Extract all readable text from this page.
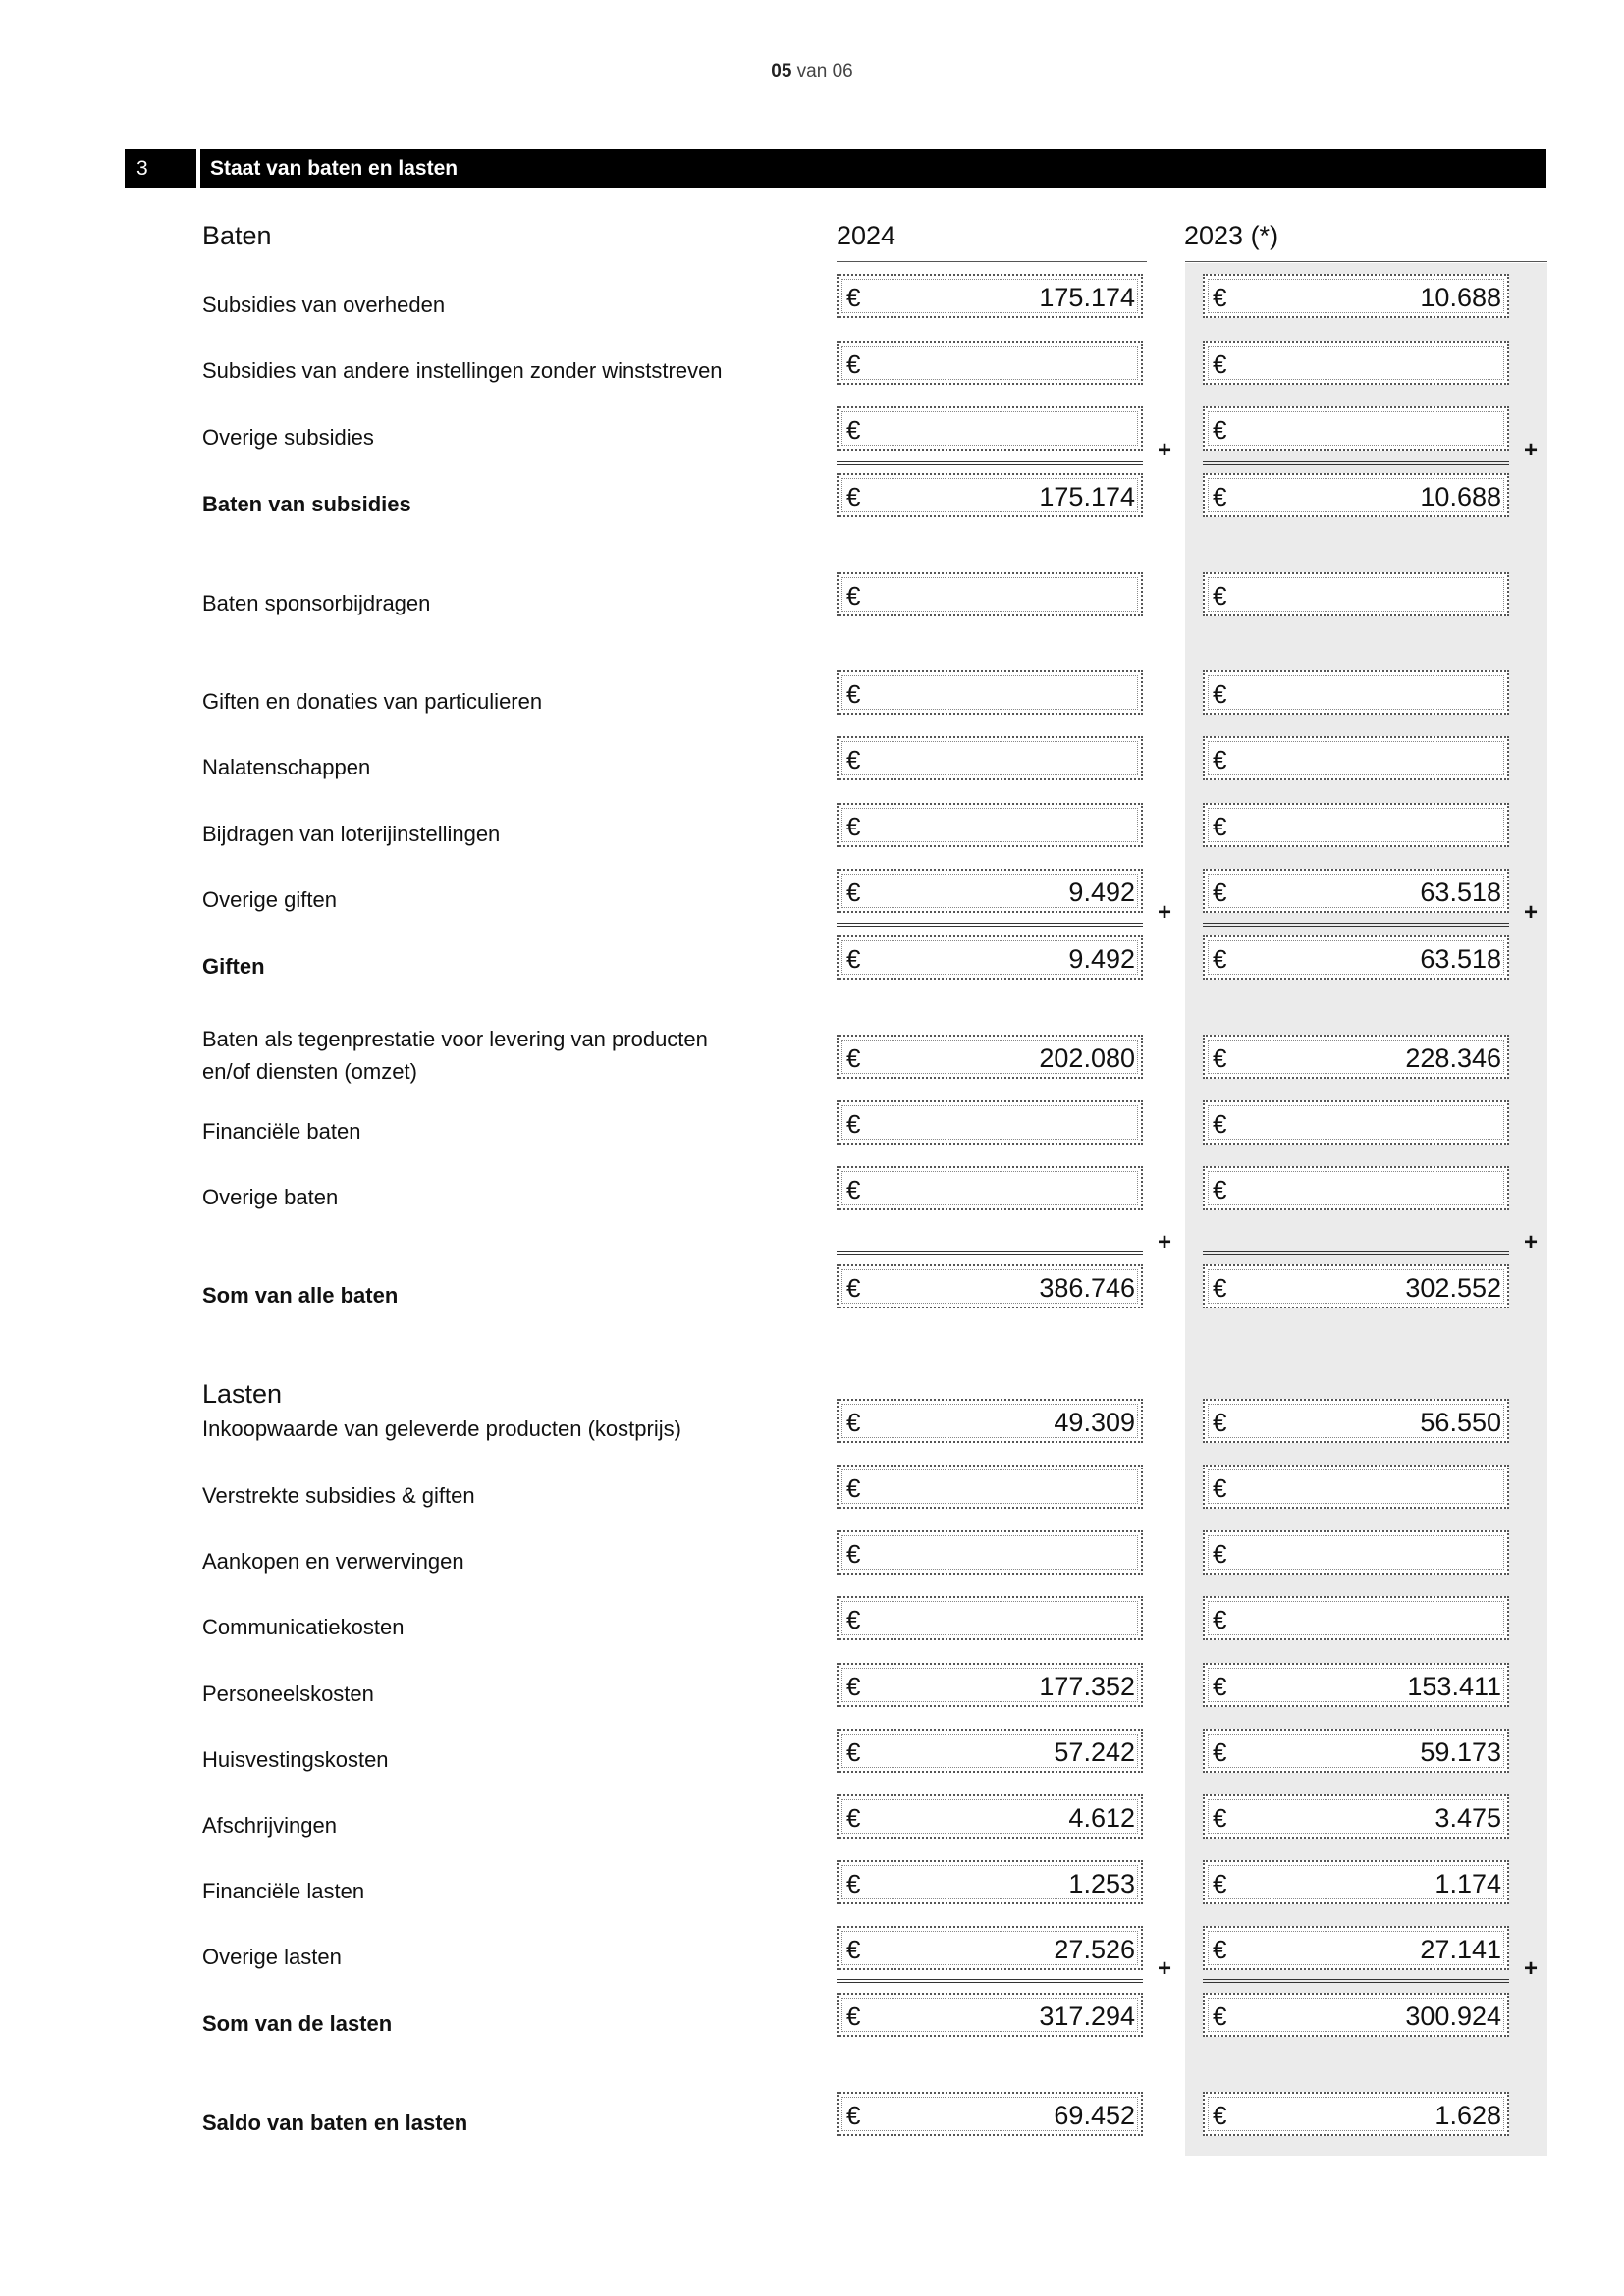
05 van 06
3	Staat van baten en lasten
Baten	2024	2023 (*)
Subsidies van overheden	€	175.174	€	10.688
Subsidies van andere instellingen zonder winststreven	€	€
Overige subsidies	€	€
+	+
Baten van subsidies	€	175.174	€	10.688
Baten sponsorbijdragen	€	€
Giften en donaties van particulieren	€	€
Nalatenschappen	€	€
Bijdragen van loterijinstellingen	€	€
Overige giften	€	9.492	€	63.518
+	+
Giften	€	9.492	€	63.518
Baten als tegenprestatie voor levering van producten
en/of diensten (omzet)	€	202.080	€	228.346
Financiële baten	€	€
Overige baten	€	€
+	+
Som van alle baten	€	386.746	€	302.552
Lasten
Inkoopwaarde van geleverde producten (kostprijs)	€	49.309	€	56.550
Verstrekte subsidies & giften	€	€
Aankopen en verwervingen	€	€
Communicatiekosten	€	€
Personeelskosten	€	177.352	€	153.411
Huisvestingskosten	€	57.242	€	59.173
Afschrijvingen	€	4.612	€	3.475
Financiële lasten	€	1.253	€	1.174
Overige lasten	€	27.526	€	27.141
+	+
Som van de lasten	€	317.294	€	300.924
Saldo van baten en lasten	€	69.452	€	1.628
